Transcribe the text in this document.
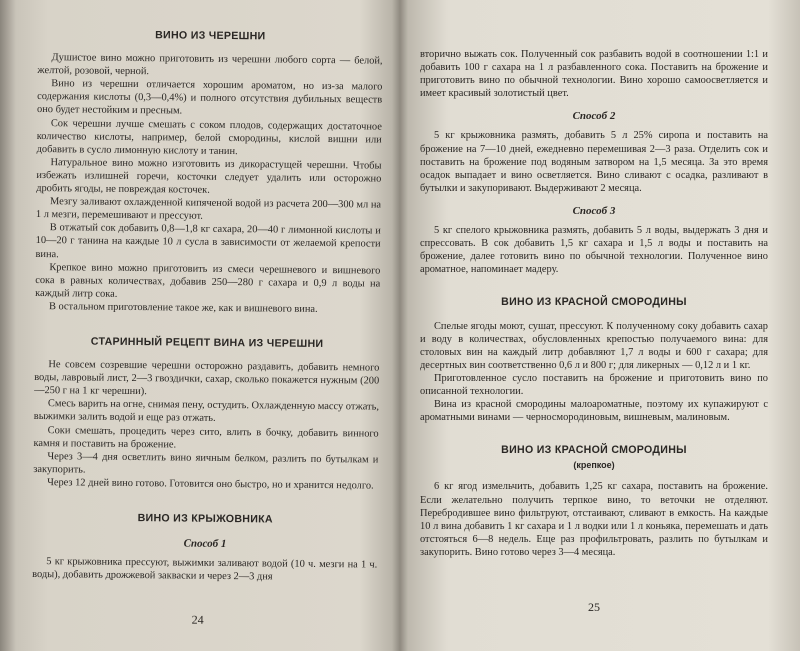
ВИНО ИЗ ЧЕРЕШНИ

Душистое вино можно приготовить из черешни любого сорта — белой, желтой, розовой, черной.

Вино из черешни отличается хорошим ароматом, но из-за малого содержания кислоты (0,3—0,4%) и полного отсутствия дубильных веществ оно будет нестойким и пресным.

Сок черешни лучше смешать с соком плодов, содержащих достаточное количество кислоты, например, белой смородины, кислой вишни или добавить в сусло лимонную кислоту и танин.

Натуральное вино можно изготовить из дикорастущей черешни. Чтобы избежать излишней горечи, косточки следует удалить или осторожно дробить ягоды, не повреждая косточек.

Мезгу заливают охлажденной кипяченой водой из расчета 200—300 мл на 1 л мезги, перемешивают и прессуют.

В отжатый сок добавить 0,8—1,8 кг сахара, 20—40 г лимонной кислоты и 10—20 г танина на каждые 10 л сусла в зависимости от желаемой крепости вина.

Крепкое вино можно приготовить из смеси черешневого и вишневого сока в равных количествах, добавив 250—280 г сахара и 0,9 л воды на каждый литр сока.

В остальном приготовление такое же, как и вишневого вина.

СТАРИННЫЙ РЕЦЕПТ ВИНА ИЗ ЧЕРЕШНИ

Не совсем созревшие черешни осторожно раздавить, добавить немного воды, лавровый лист, 2—3 гвоздички, сахар, сколько покажется нужным (200—250 г на 1 кг черешни).

Смесь варить на огне, снимая пену, остудить. Охлажденную массу отжать, выжимки залить водой и еще раз отжать.

Соки смешать, процедить через сито, влить в бочку, добавить винного камня и поставить на брожение.

Через 3—4 дня осветлить вино яичным белком, разлить по бутылкам и закупорить.

Через 12 дней вино готово. Готовится оно быстро, но и хранится недолго.

ВИНО ИЗ КРЫЖОВНИКА
Способ 1

5 кг крыжовника прессуют, выжимки заливают водой (10 ч. мезги на 1 ч. воды), добавить дрожжевой закваски и через 2—3 дня

24

вторично выжать сок. Полученный сок разбавить водой в соотношении 1:1 и добавить 100 г сахара на 1 л разбавленного сока. Поставить на брожение и приготовить вино по обычной технологии. Вино хорошо самоосветляется и имеет красивый золотистый цвет.

Способ 2

5 кг крыжовника размять, добавить 5 л 25% сиропа и поставить на брожение на 7—10 дней, ежедневно перемешивая 2—3 раза. Отделить сок и поставить на брожение под водяным затвором на 1,5 месяца. За это время осадок выпадает и вино осветляется. Вино сливают с осадка, разливают в бутылки и закупоривают. Выдерживают 2 месяца.

Способ 3

5 кг спелого крыжовника размять, добавить 5 л воды, выдержать 3 дня и спрессовать. В сок добавить 1,5 кг сахара и 1,5 л воды и поставить на брожение, далее готовить вино по обычной технологии. Полученное вино ароматное, напоминает мадеру.

ВИНО ИЗ КРАСНОЙ СМОРОДИНЫ

Спелые ягоды моют, сушат, прессуют. К полученному соку добавить сахар и воду в количествах, обусловленных крепостью получаемого вина: для столовых вин на каждый литр добавляют 1,7 л воды и 600 г сахара; для десертных вин соответственно 0,6 л и 800 г; для ликерных — 0,12 л и 1 кг.

Приготовленное сусло поставить на брожение и приготовить вино по описанной технологии.

Вина из красной смородины малоароматные, поэтому их купажируют с ароматными винами — черносмородиновым, вишневым, малиновым.

ВИНО ИЗ КРАСНОЙ СМОРОДИНЫ
(крепкое)

6 кг ягод измельчить, добавить 1,25 кг сахара, поставить на брожение. Если желательно получить терпкое вино, то веточки не отделяют. Перебродившее вино фильтруют, отстаивают, сливают в емкость. На каждые 10 л вина добавить 1 кг сахара и 1 л водки или 1 л коньяка, перемешать и дать отстояться 6—8 недель. Еще раз профильтровать, разлить по бутылкам и закупорить. Вино готово через 3—4 месяца.

25
